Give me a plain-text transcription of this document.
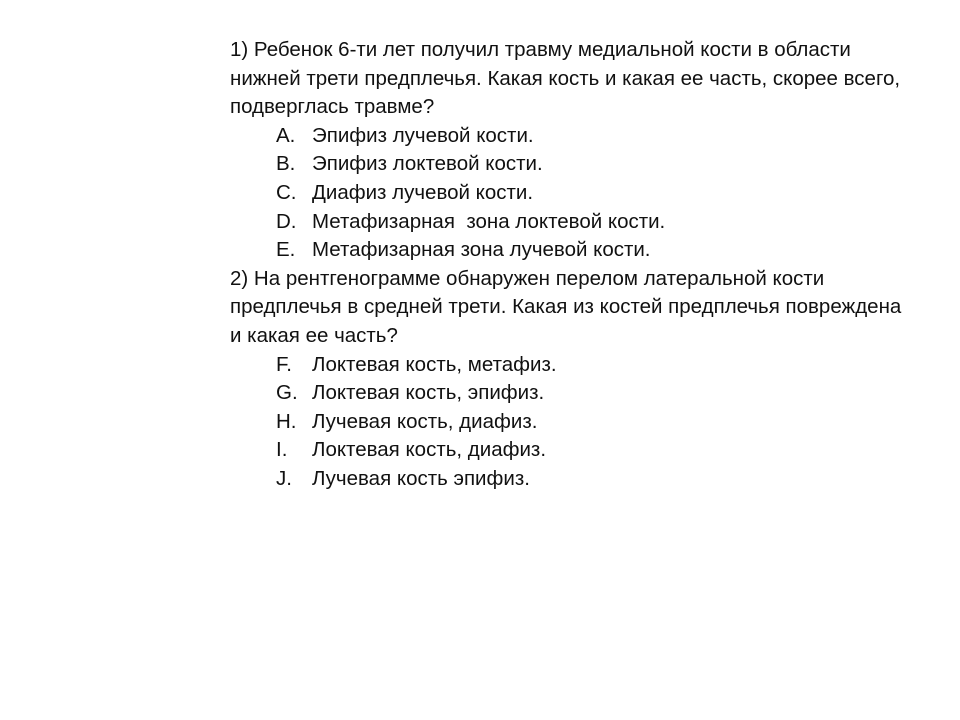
1) Ребенок 6-ти лет получил травму медиальной кости в области нижней трети предплечья. Какая кость и какая ее часть, скорее всего, подверглась травме?

A. Эпифиз лучевой кости.
B. Эпифиз локтевой кости.
C. Диафиз лучевой кости.
D. Метафизарная  зона локтевой кости.
E. Метафизарная зона лучевой кости.

2) На рентгенограмме обнаружен перелом латеральной кости предплечья в средней трети. Какая из костей предплечья повреждена и какая ее часть?

F. Локтевая кость, метафиз.
G. Локтевая кость, эпифиз.
H. Лучевая кость, диафиз.
I.	Локтевая кость, диафиз.
J. Лучевая кость эпифиз.
